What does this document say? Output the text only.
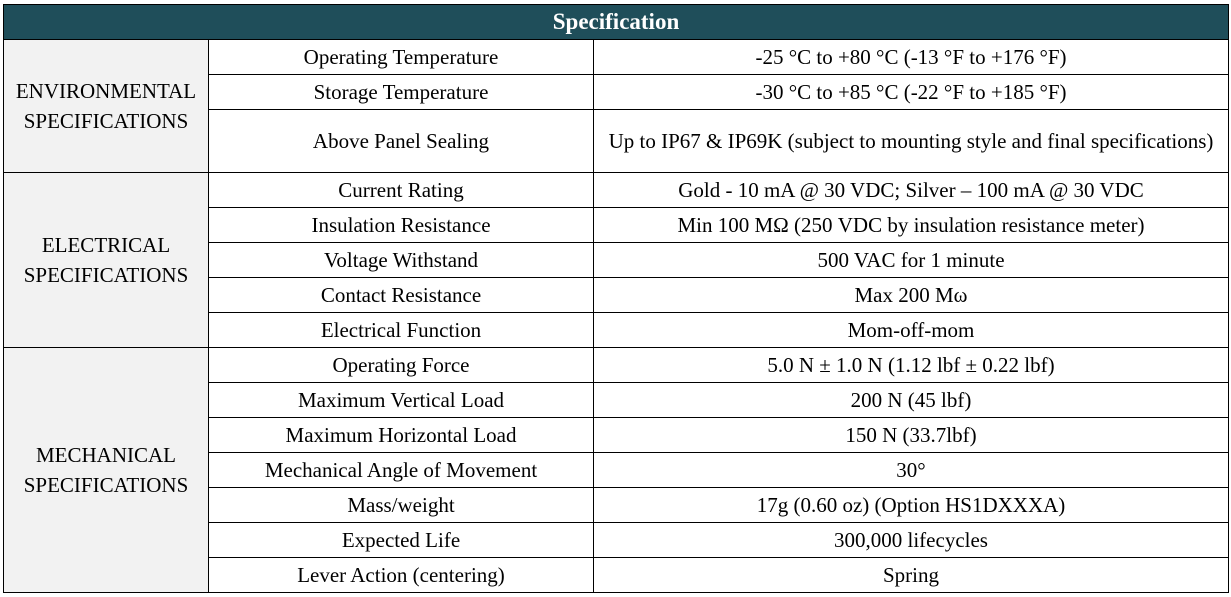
Specification		
ENVIRONMENTAL SPECIFICATIONS	Operating Temperature	-25 °C to +80 °C (-13 °F to +176 °F)
	Storage Temperature	-30 °C to +85 °C (-22 °F to +185 °F)
	Above Panel Sealing	Up to IP67 & IP69K (subject to mounting style and final specifications)
ELECTRICAL SPECIFICATIONS	Current Rating	Gold - 10 mA @ 30 VDC; Silver – 100 mA @ 30 VDC
	Insulation Resistance	Min 100 MΩ (250 VDC by insulation resistance meter)
	Voltage Withstand	500 VAC for 1 minute
	Contact Resistance	Max 200 Mω
	Electrical Function	Mom-off-mom
MECHANICAL SPECIFICATIONS	Operating Force	5.0 N ± 1.0 N (1.12 lbf ± 0.22 lbf)
	Maximum Vertical Load	200 N (45 lbf)
	Maximum Horizontal Load	150 N (33.7lbf)
	Mechanical Angle of Movement	30°
	Mass/weight	17g (0.60 oz) (Option HS1DXXXA)
	Expected Life	300,000 lifecycles
	Lever Action (centering)	Spring
